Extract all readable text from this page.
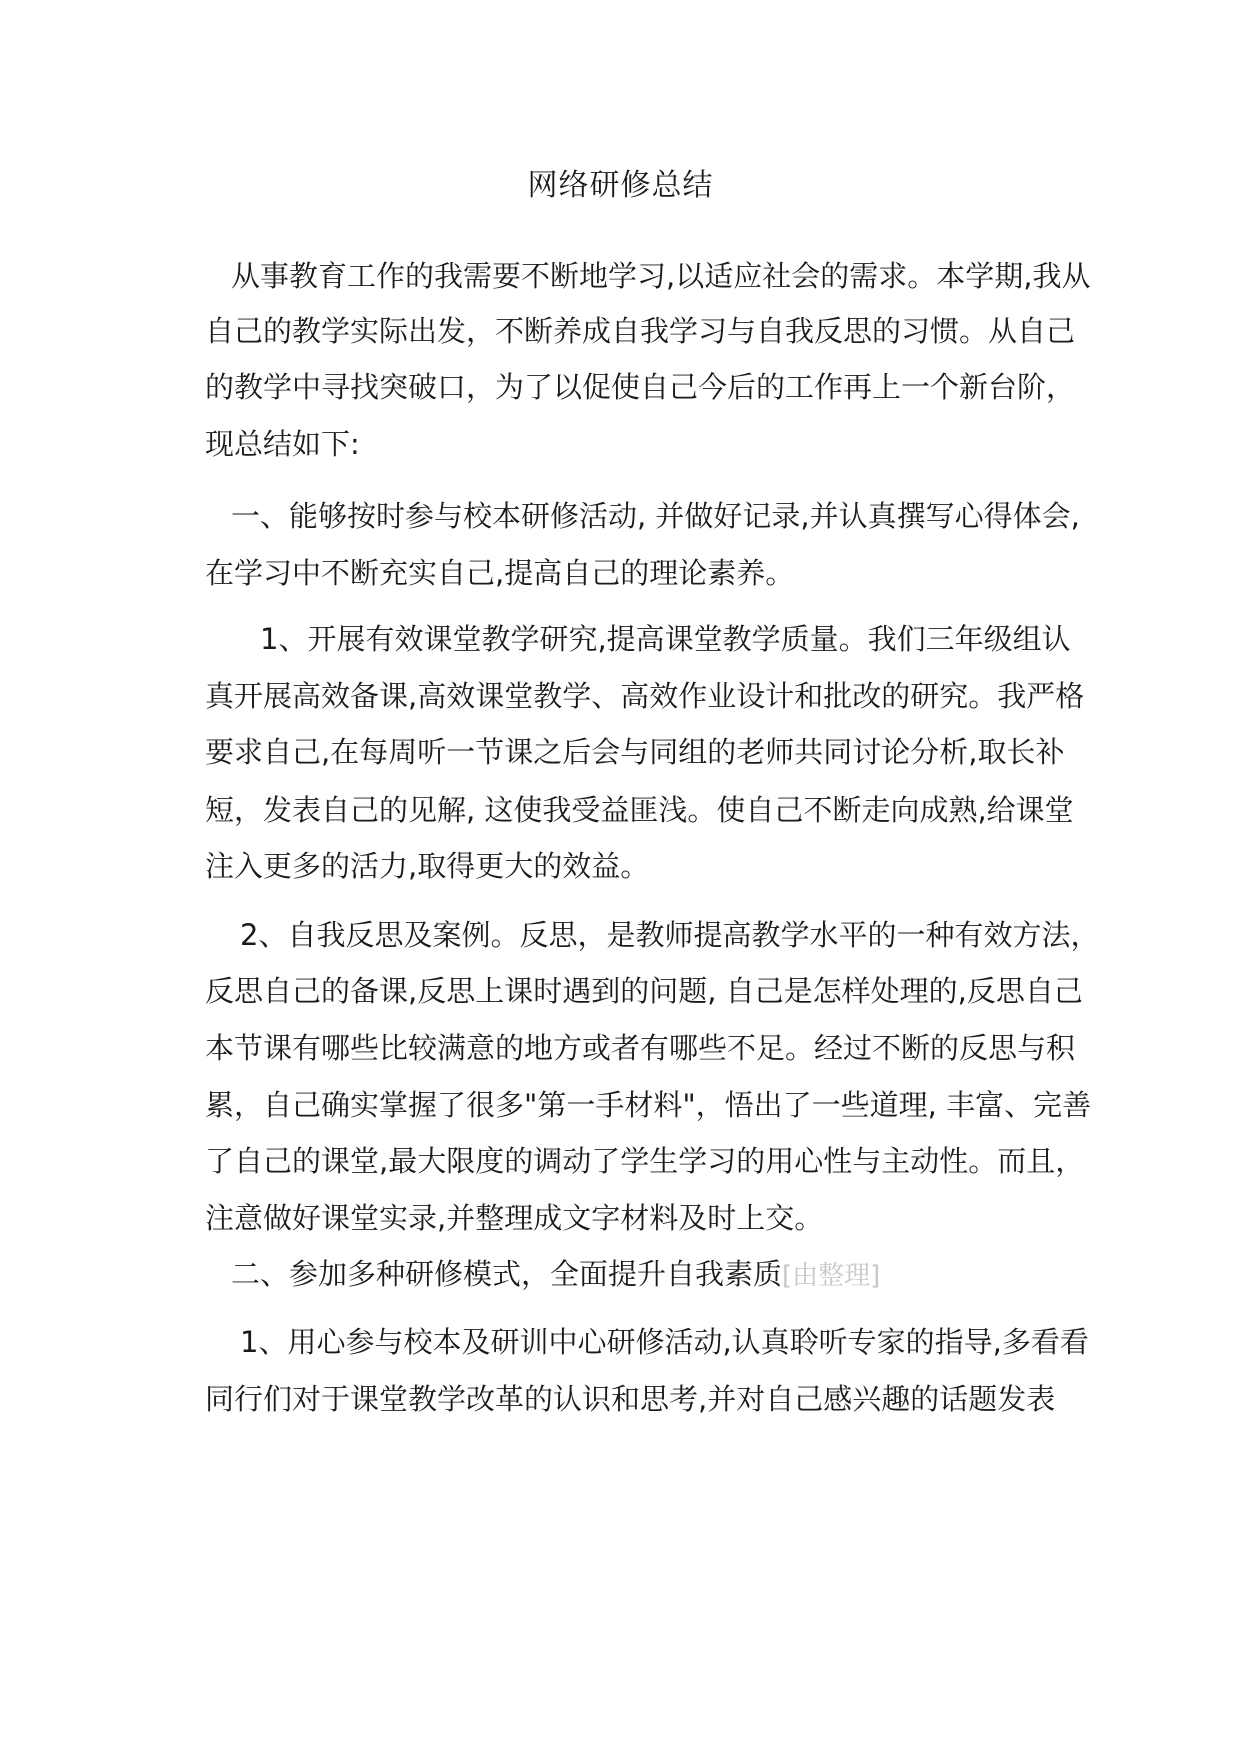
网络研修总结
从事教育工作的我需要不断地学习,以适应社会的需求。本学期,我从
自己的教学实际出发，不断养成自我学习与自我反思的习惯。从自己
的教学中寻找突破口，为了以促使自己今后的工作再上一个新台阶，
现总结如下:
一、能够按时参与校本研修活动, 并做好记录,并认真撰写心得体会,
在学习中不断充实自己,提高自己的理论素养。
1、开展有效课堂教学研究,提高课堂教学质量。我们三年级组认
真开展高效备课,高效课堂教学、高效作业设计和批改的研究。我严格
要求自己,在每周听一节课之后会与同组的老师共同讨论分析,取长补
短，发表自己的见解, 这使我受益匪浅。使自己不断走向成熟,给课堂
注入更多的活力,取得更大的效益。
2、自我反思及案例。反思，是教师提高教学水平的一种有效方法，
反思自己的备课,反思上课时遇到的问题, 自己是怎样处理的,反思自己
本节课有哪些比较满意的地方或者有哪些不足。经过不断的反思与积
累，自己确实掌握了很多"第一手材料"，悟出了一些道理, 丰富、完善
了自己的课堂,最大限度的调动了学生学习的用心性与主动性。而且，
注意做好课堂实录,并整理成文字材料及时上交。
二、参加多种研修模式，全面提升自我素质[由整理]
1、用心参与校本及研训中心研修活动,认真聆听专家的指导,多看看
同行们对于课堂教学改革的认识和思考,并对自己感兴趣的话题发表
